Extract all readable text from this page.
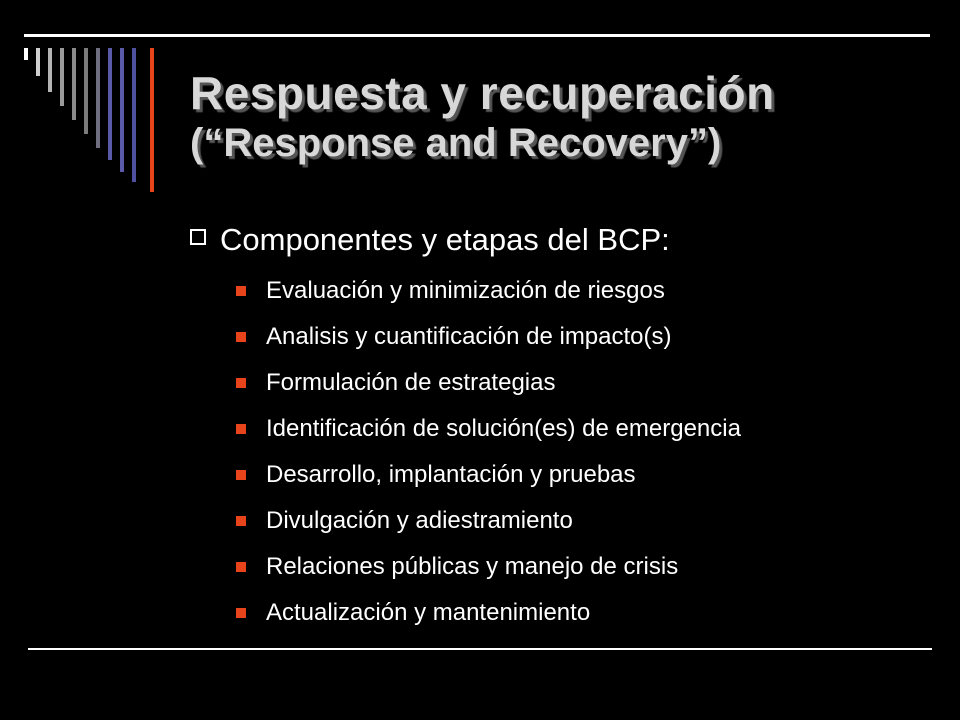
Respuesta y recuperación
(“Response and Recovery”)
Componentes y etapas del BCP:
Evaluación y minimización de riesgos
Analisis y cuantificación de impacto(s)
Formulación de estrategias
Identificación de solución(es) de emergencia
Desarrollo, implantación y pruebas
Divulgación y adiestramiento
Relaciones públicas y manejo de crisis
Actualización y mantenimiento
